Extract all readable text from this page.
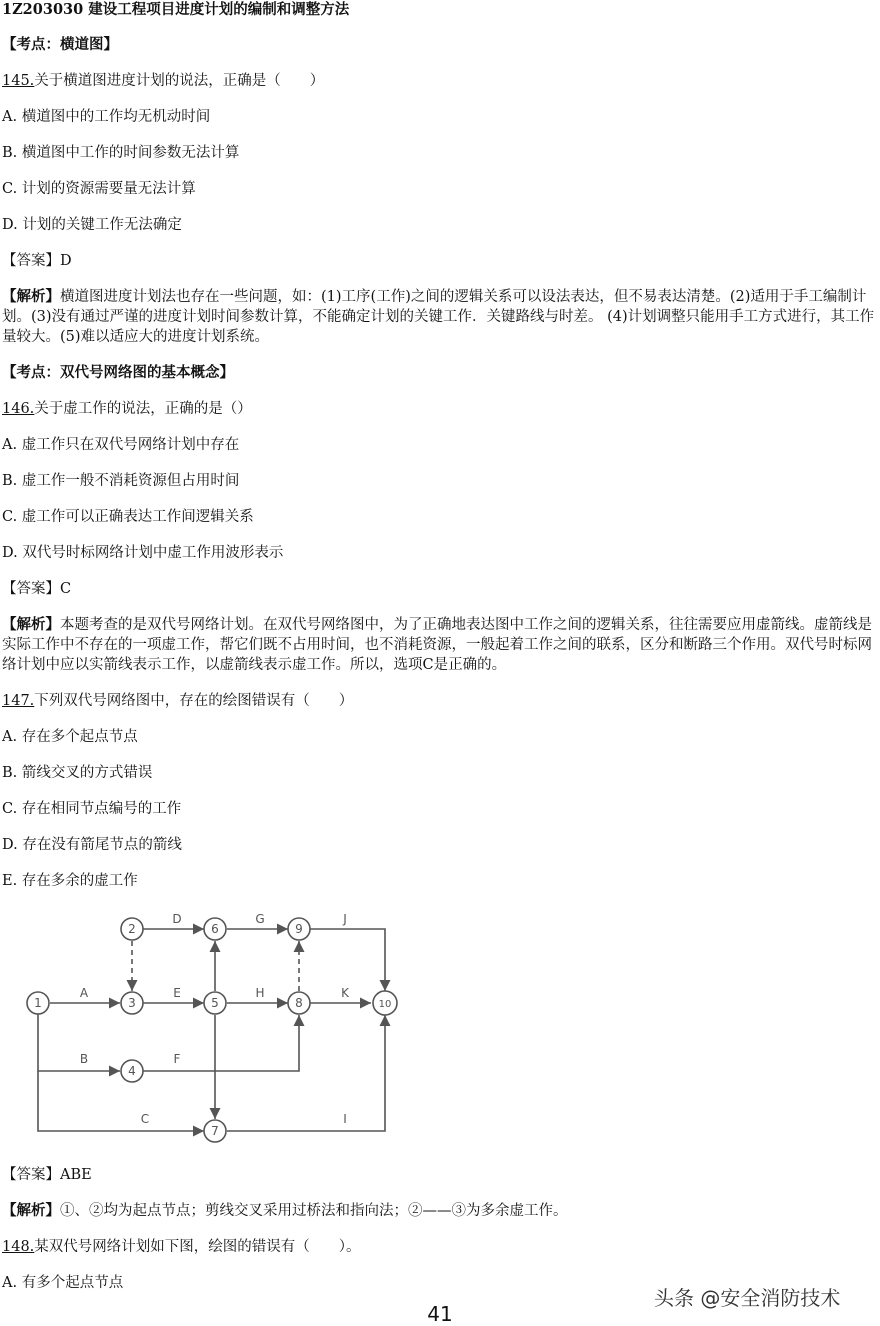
1Z203030 建设工程项目进度计划的编制和调整方法
【考点：横道图】
145.关于横道图进度计划的说法，正确是（　　）
A. 横道图中的工作均无机动时间
B. 横道图中工作的时间参数无法计算
C. 计划的资源需要量无法计算
D. 计划的关键工作无法确定
【答案】D
【解析】横道图进度计划法也存在一些问题，如：(1)工序(工作)之间的逻辑关系可以设法表达，但不易表达清楚。(2)适用于手工编制计划。(3)没有通过严谨的进度计划时间参数计算，不能确定计划的关键工作．关键路线与时差。 (4)计划调整只能用手工方式进行，其工作量较大。(5)难以适应大的进度计划系统。
【考点：双代号网络图的基本概念】
146.关于虚工作的说法，正确的是（）
A. 虚工作只在双代号网络计划中存在
B. 虚工作一般不消耗资源但占用时间
C. 虚工作可以正确表达工作间逻辑关系
D. 双代号时标网络计划中虚工作用波形表示
【答案】C
【解析】本题考查的是双代号网络计划。在双代号网络图中，为了正确地表达图中工作之间的逻辑关系，往往需要应用虚箭线。虚箭线是实际工作中不存在的一项虚工作，帮它们既不占用时间，也不消耗资源，一般起着工作之间的联系，区分和断路三个作用。双代号时标网络计划中应以实箭线表示工作，以虚箭线表示虚工作。所以，选项C是正确的。
147.下列双代号网络图中，存在的绘图错误有（　　）
A. 存在多个起点节点
B. 箭线交叉的方式错误
C. 存在相同节点编号的工作
D. 存在没有箭尾节点的箭线
E. 存在多余的虚工作
1
2
3
4
5
6
7
8
9
10
A
B
C
D
E
F
G
H
I
J
K
【答案】ABE
【解析】①、②均为起点节点；剪线交叉采用过桥法和指向法；②——③为多余虚工作。
148.某双代号网络计划如下图，绘图的错误有（　　）。
A. 有多个起点节点
头条 @安全消防技术
41
